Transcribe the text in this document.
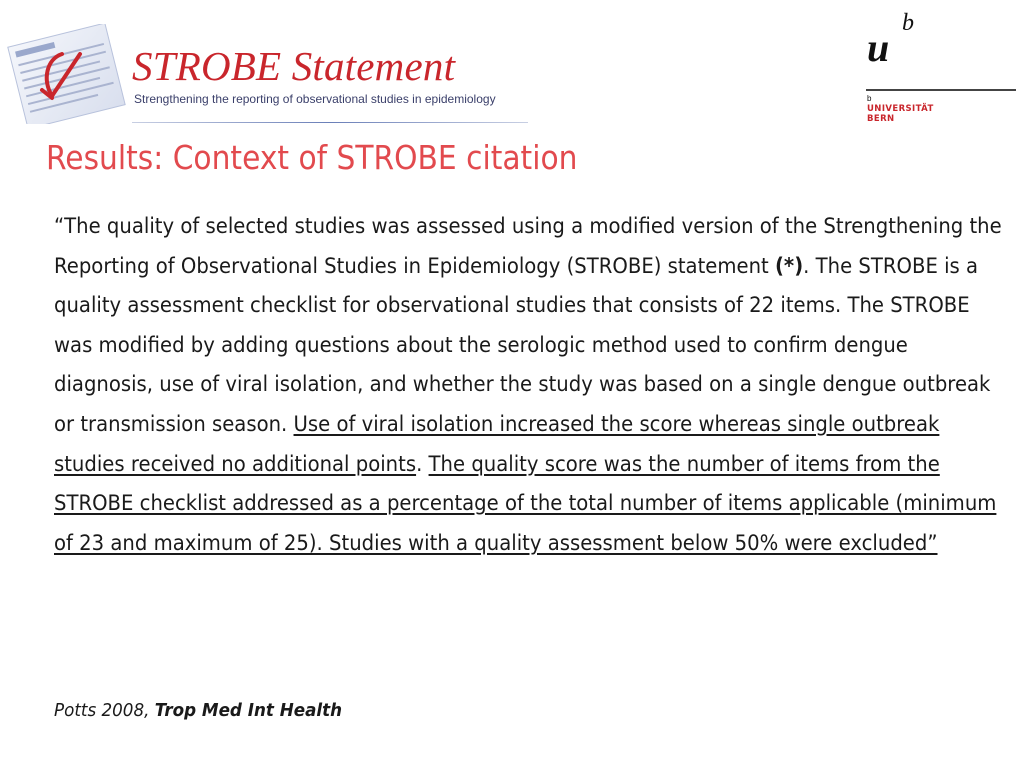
STROBE Statement
Strengthening the reporting of observational studies in epidemiology
u
b
b
UNIVERSITÄT
BERN
Results: Context of STROBE citation
“The quality of selected studies was assessed using a modified version of the Strengthening the Reporting of Observational Studies in Epidemiology (STROBE) statement (*). The STROBE is a quality assessment checklist for observational studies that consists of 22 items. The STROBE was modified by adding questions about the serologic method used to confirm dengue diagnosis, use of viral isolation, and whether the study was based on a single dengue outbreak or transmission season. Use of viral isolation increased the score whereas single outbreak studies received no additional points. The quality score was the number of items from the STROBE checklist addressed as a percentage of the total number of items applicable (minimum of 23 and maximum of 25). Studies with a quality assessment below 50% were excluded”
Potts 2008, Trop Med Int Health
